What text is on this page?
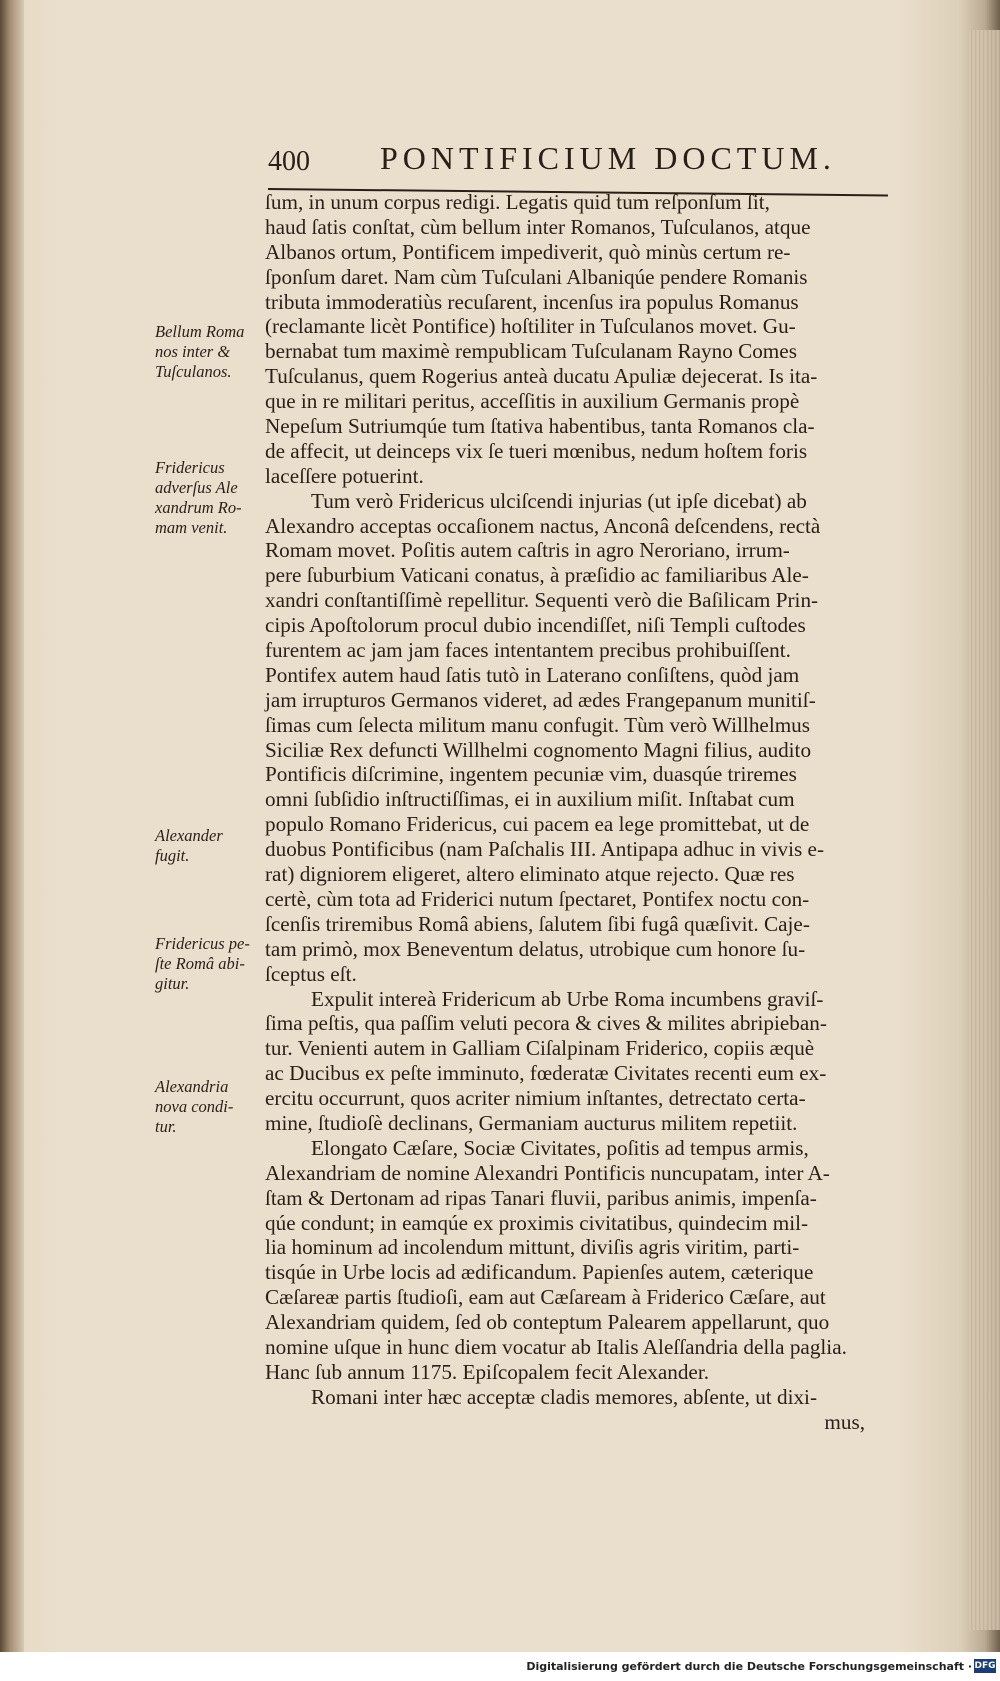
400 PONTIFICIUM DOCTUM.
ſum, in unum corpus redigi. Legatis quid tum reſponſum ſit,
haud ſatis conſtat, cùm bellum inter Romanos, Tuſculanos, atque
Albanos ortum, Pontificem impediverit, quò minùs certum re-
ſponſum daret. Nam cùm Tuſculani Albaniqúe pendere Romanis
tributa immoderatiùs recuſarent, incenſus ira populus Romanus
(reclamante licèt Pontifice) hoſtiliter in Tuſculanos movet. Gu-
bernabat tum maximè rempublicam Tuſculanam Rayno Comes
Tuſculanus, quem Rogerius anteà ducatu Apuliæ dejecerat. Is ita-
que in re militari peritus, acceſſitis in auxilium Germanis propè
Nepeſum Sutriumqúe tum ſtativa habentibus, tanta Romanos cla-
de affecit, ut deinceps vix ſe tueri mœnibus, nedum hoſtem foris
laceſſere potuerint.
Tum verò Fridericus ulciſcendi injurias (ut ipſe dicebat) ab
Alexandro acceptas occaſionem nactus, Anconâ deſcendens, rectà
Romam movet. Poſitis autem caſtris in agro Neroriano, irrum-
pere ſuburbium Vaticani conatus, à præſidio ac familiaribus Ale-
xandri conſtantiſſimè repellitur. Sequenti verò die Baſilicam Prin-
cipis Apoſtolorum procul dubio incendiſſet, niſi Templi cuſtodes
furentem ac jam jam faces intentantem precibus prohibuiſſent.
Pontifex autem haud ſatis tutò in Laterano conſiſtens, quòd jam
jam irrupturos Germanos videret, ad ædes Frangepanum munitiſ-
ſimas cum ſelecta militum manu confugit. Tùm verò Willhelmus
Siciliæ Rex defuncti Willhelmi cognomento Magni filius, audito
Pontificis diſcrimine, ingentem pecuniæ vim, duasqúe triremes
omni ſubſidio inſtructiſſimas, ei in auxilium miſit. Inſtabat cum
populo Romano Fridericus, cui pacem ea lege promittebat, ut de
duobus Pontificibus (nam Paſchalis III. Antipapa adhuc in vivis e-
rat) digniorem eligeret, altero eliminato atque rejecto. Quæ res
certè, cùm tota ad Friderici nutum ſpectaret, Pontifex noctu con-
ſcenſis triremibus Româ abiens, ſalutem ſibi fugâ quæſivit. Caje-
tam primò, mox Beneventum delatus, utrobique cum honore ſu-
ſceptus eſt.
Expulit intereà Fridericum ab Urbe Roma incumbens graviſ-
ſima peſtis, qua paſſim veluti pecora & cives & milites abripieban-
tur. Venienti autem in Galliam Ciſalpinam Friderico, copiis æquè
ac Ducibus ex peſte imminuto, fœderatæ Civitates recenti eum ex-
ercitu occurrunt, quos acriter nimium inſtantes, detrectato certa-
mine, ſtudioſè declinans, Germaniam aucturus militem repetiit.
Elongato Cæſare, Sociæ Civitates, poſitis ad tempus armis,
Alexandriam de nomine Alexandri Pontificis nuncupatam, inter A-
ſtam & Dertonam ad ripas Tanari fluvii, paribus animis, impenſa-
qúe condunt; in eamqúe ex proximis civitatibus, quindecim mil-
lia hominum ad incolendum mittunt, diviſis agris viritim, parti-
tisqúe in Urbe locis ad ædificandum. Papienſes autem, cæterique
Cæſareæ partis ſtudioſi, eam aut Cæſaream à Friderico Cæſare, aut
Alexandriam quidem, ſed ob conteptum Palearem appellarunt, quo
nomine uſque in hunc diem vocatur ab Italis Aleſſandria della paglia.
Hanc ſub annum 1175. Epiſcopalem fecit Alexander.
Romani inter hæc acceptæ cladis memores, abſente, ut dixi-
mus,
Bellum Roma
nos inter &
Tuſculanos.
Fridericus
adverſus Ale
xandrum Ro-
mam venit.
Alexander
fugit.
Fridericus pe-
ſte Româ abi-
gitur.
Alexandria
nova condi-
tur.
Digitalisierung gefördert durch die Deutsche Forschungsgemeinschaft · DFG
